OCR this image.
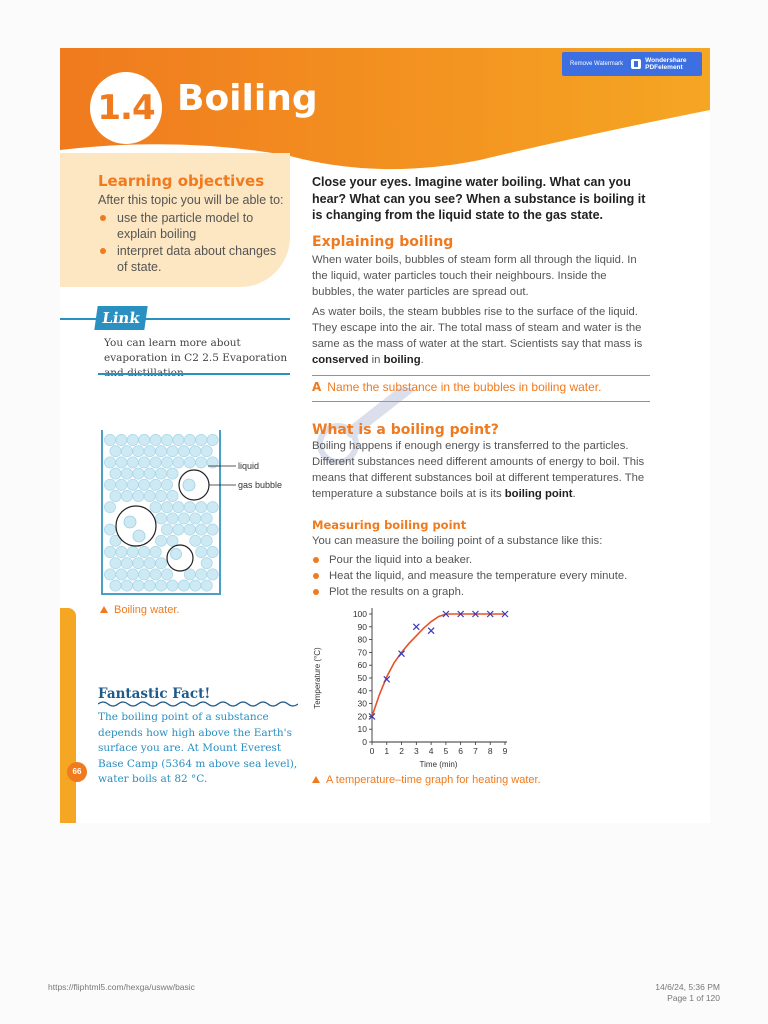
1.4 Boiling
Remove Watermark	Wondershare
PDFelement
Learning objectives
After this topic you will be able to:
use the particle model to explain boiling
interpret data about changes of state.
Link
You can learn more about evaporation in C2 2.5 Evaporation
liquid
gas bubble
Boiling water.
66
Fantastic Fact!
The boiling point of a substance depends how high above the Earth's surface you are. At Mount Everest Base Camp (5364 m above sea level), water boils at 82 °C.
Close your eyes. Imagine water boiling. What can you hear? What can you see? When a substance is boiling it is changing from the liquid state to the gas state.
Explaining boiling
When water boils, bubbles of steam form all through the liquid. In the liquid, water particles touch their neighbours. Inside the bubbles, the water particles are spread out.
As water boils, the steam bubbles rise to the surface of the liquid. They escape into the air. The total mass of steam and water is the same as the mass of water at the start. Scientists say that mass is conserved in boiling.
A Name the substance in the bubbles in boiling water.
What is a boiling point?
Boiling happens if enough energy is transferred to the particles. Different substances need different amounts of energy to boil. This means that different substances boil at different temperatures. The temperature a substance boils at is its boiling point.
Measuring boiling point
You can measure the boiling point of a substance like this:
Pour the liquid into a beaker.
Heat the liquid, and measure the temperature every minute.
Plot the results on a graph.
0
10
20
30
40
50
60
70
80
90
100
0 1 2 3 4 5 6 7 8 9
Time (min)
Temperature (°C)
A temperature–time graph for heating water.
https://fliphtml5.com/hexga/usww/basic	14/6/24, 5:36 PM
Page 1 of 120
